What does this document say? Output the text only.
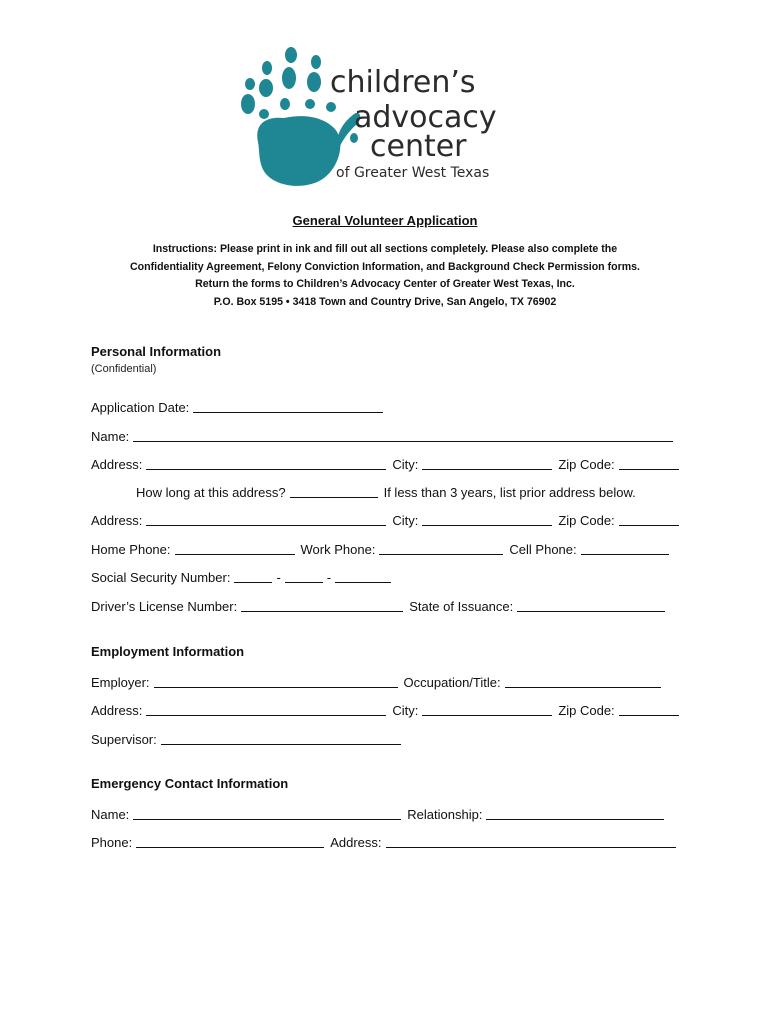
children’s
advocacy
center
of Greater West Texas
General Volunteer Application
Instructions: Please print in ink and fill out all sections completely. Please also complete the
Confidentiality Agreement, Felony Conviction Information, and Background Check Permission forms.
Return the forms to Children’s Advocacy Center of Greater West Texas, Inc.
P.O. Box 5195 • 3418 Town and Country Drive, San Angelo, TX 76902
Personal Information
(Confidential)
Application Date:
Name:
Address:	City:	Zip Code:
How long at this address?	If less than 3 years, list prior address below.
Address:	City:	Zip Code:
Home Phone:	Work Phone:	Cell Phone:
Social Security Number:	-	-
Driver’s License Number:	State of Issuance:
Employment Information
Employer:	Occupation/Title:
Address:	City:	Zip Code:
Supervisor:
Emergency Contact Information
Name:	Relationship:
Phone:	Address:
